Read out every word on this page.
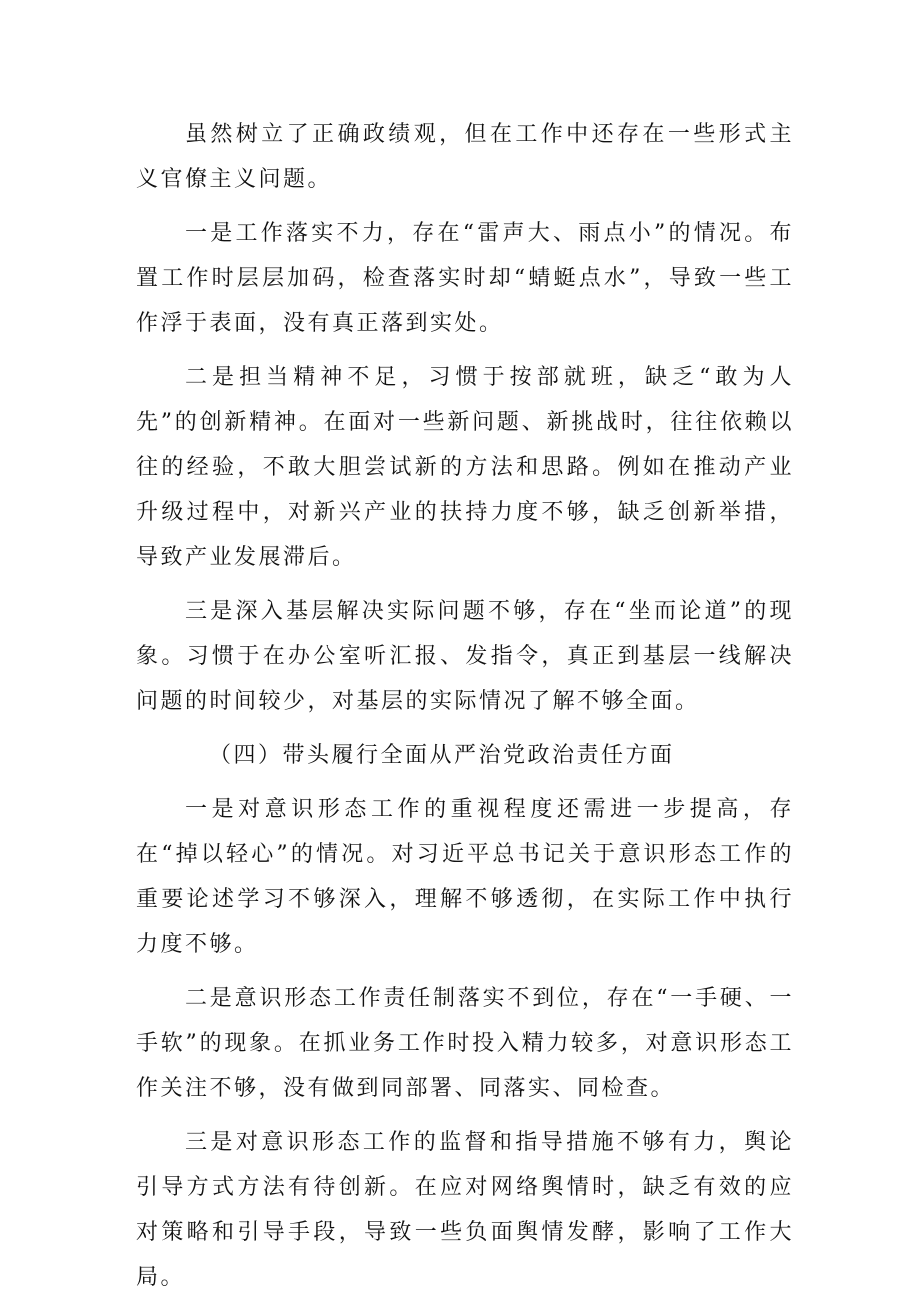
虽然树立了正确政绩观，但在工作中还存在一些形式主义官僚主义问题。

一是工作落实不力，存在“雷声大、雨点小”的情况。布置工作时层层加码，检查落实时却“蜻蜓点水”，导致一些工作浮于表面，没有真正落到实处。

二是担当精神不足，习惯于按部就班，缺乏“敢为人先”的创新精神。在面对一些新问题、新挑战时，往往依赖以往的经验，不敢大胆尝试新的方法和思路。例如在推动产业升级过程中，对新兴产业的扶持力度不够，缺乏创新举措，导致产业发展滞后。

三是深入基层解决实际问题不够，存在“坐而论道”的现象。习惯于在办公室听汇报、发指令，真正到基层一线解决问题的时间较少，对基层的实际情况了解不够全面。

（四）带头履行全面从严治党政治责任方面

一是对意识形态工作的重视程度还需进一步提高，存在“掉以轻心”的情况。对习近平总书记关于意识形态工作的重要论述学习不够深入，理解不够透彻，在实际工作中执行力度不够。

二是意识形态工作责任制落实不到位，存在“一手硬、一手软”的现象。在抓业务工作时投入精力较多，对意识形态工作关注不够，没有做到同部署、同落实、同检查。

三是对意识形态工作的监督和指导措施不够有力，舆论引导方式方法有待创新。在应对网络舆情时，缺乏有效的应对策略和引导手段，导致一些负面舆情发酵，影响了工作大局。
